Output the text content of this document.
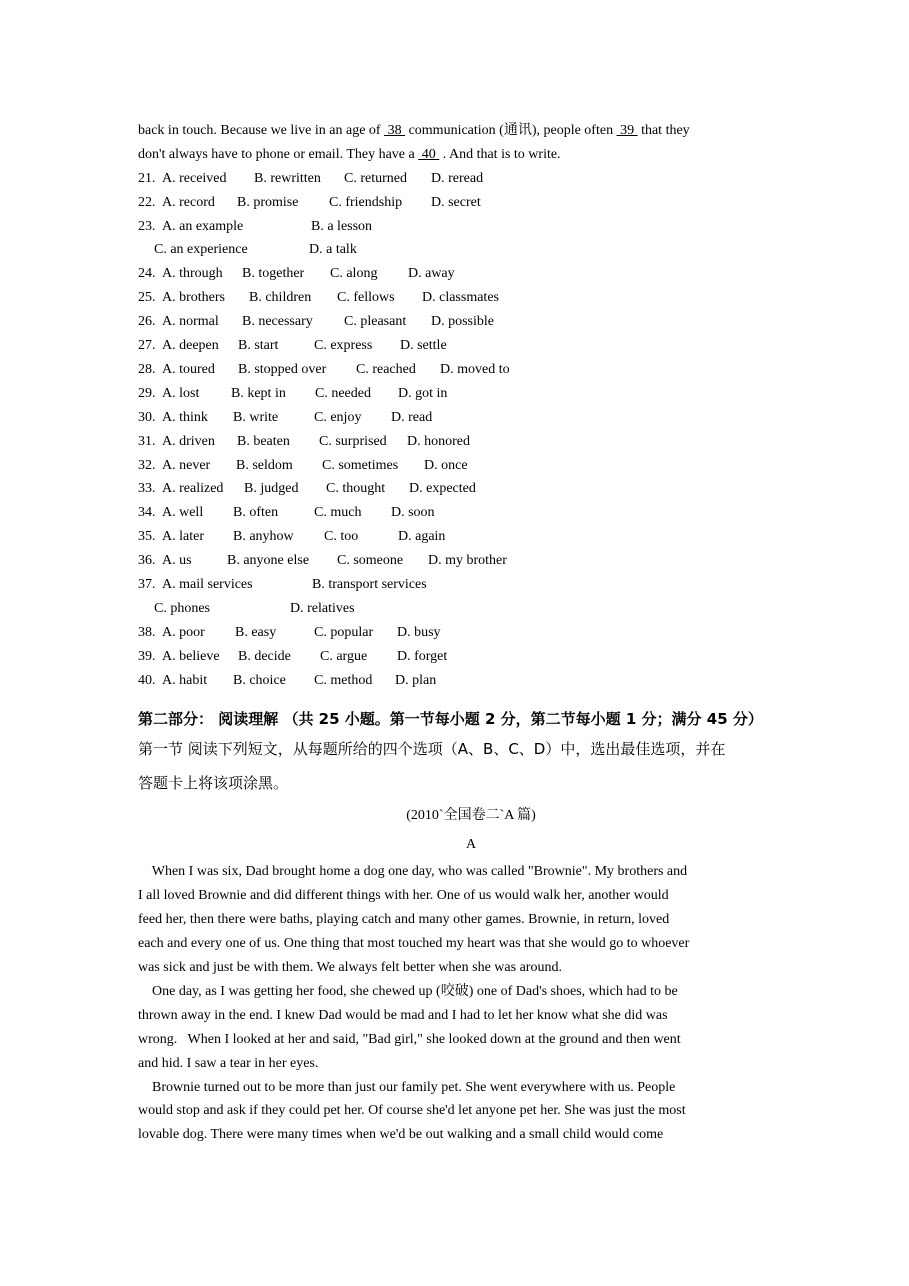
back in touch. Because we live in an age of  38  communication (通讯), people often  39  that they
don't always have to phone or email. They have a  40  . And that is to write.
21. A. received B. rewritten C. returned D. reread
22. A. record B. promise C. friendship D. secret
23. A. an example	B. a lesson
C. an experience	D. a talk
24. A. through B. together C. along D. away
25. A. brothers B. children C. fellows D. classmates
26. A. normal B. necessary C. pleasant D. possible
27. A. deepen B. start	C. express D. settle
28. A. toured B. stopped over C. reached D. moved to
29. A. lost B. kept in C. needed D. got in
30. A. think B. write	C. enjoy D. read
31. A. driven B. beaten C. surprised D. honored
32. A. never B. seldom C. sometimes D. once
33. A. realized B. judged C. thought D. expected
34. A. well B. often	C. much D. soon
35. A. later B. anyhow C. too	D. again
36. A. us	B. anyone else C. someone D. my brother
37. A. mail services	B. transport services
C. phones	D. relatives
38. A. poor B. easy	C. popular D. busy
39. A. believe B. decide C. argue D. forget
40. A. habit B. choice C. method D. plan
第二部分： 阅读理解 （共 25 小题。第一节每小题 2 分，第二节每小题 1 分；满分 45 分）
第一节 阅读下列短文，从每题所给的四个选项（A、B、C、D）中，选出最佳选项，并在
答题卡上将该项涂黑。
(2010`全国卷二`A 篇)
A
When I was six, Dad brought home a dog one day, who was called "Brownie". My brothers and
I all loved Brownie and did different things with her. One of us would walk her, another would
feed her, then there were baths, playing catch and many other games. Brownie, in return, loved
each and every one of us. One thing that most touched my heart was that she would go to whoever
was sick and just be with them. We always felt better when she was around.
One day, as I was getting her food, she chewed up (咬破) one of Dad's shoes, which had to be
thrown away in the end. I knew Dad would be mad and I had to let her know what she did was
wrong.   When I looked at her and said, "Bad girl," she looked down at the ground and then went
and hid. I saw a tear in her eyes.
Brownie turned out to be more than just our family pet. She went everywhere with us. People
would stop and ask if they could pet her. Of course she'd let anyone pet her. She was just the most
lovable dog. There were many times when we'd be out walking and a small child would come
